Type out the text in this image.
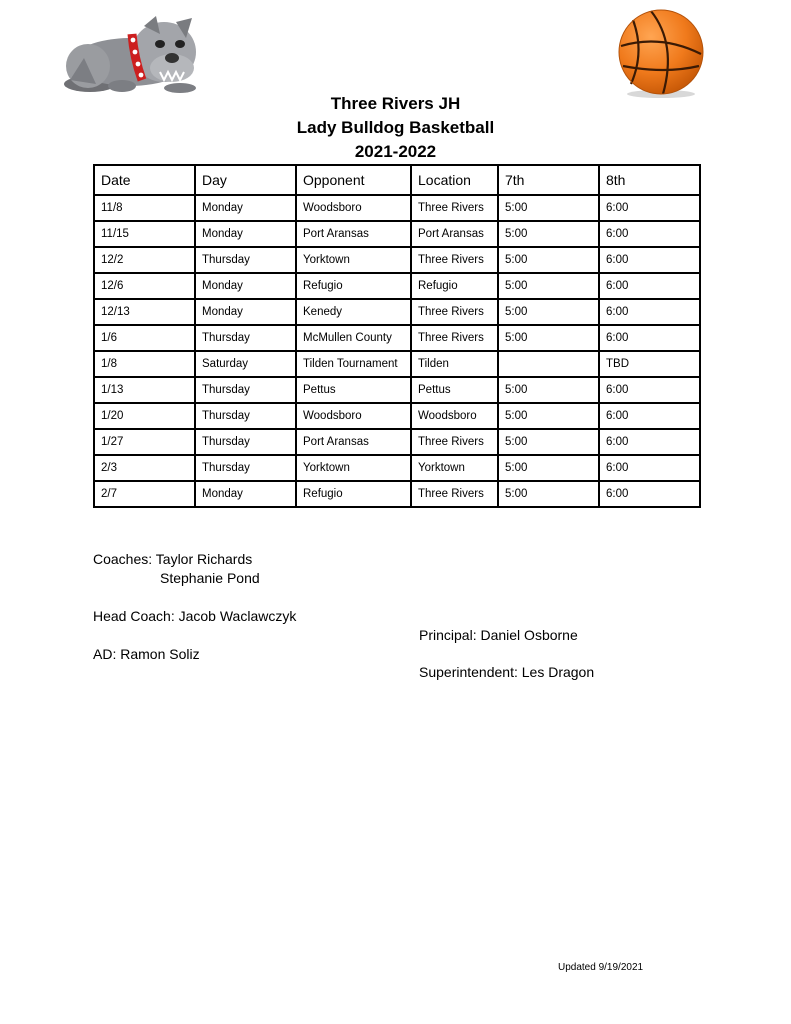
Three Rivers JH
Lady Bulldog Basketball
2021-2022
Date	Day	Opponent	Location	7th	8th
11/8	Monday	Woodsboro	Three Rivers	5:00	6:00
11/15	Monday	Port Aransas	Port Aransas	5:00	6:00
12/2	Thursday	Yorktown	Three Rivers	5:00	6:00
12/6	Monday	Refugio	Refugio	5:00	6:00
12/13	Monday	Kenedy	Three Rivers	5:00	6:00
1/6	Thursday	McMullen County	Three Rivers	5:00	6:00
1/8	Saturday	Tilden Tournament	Tilden		TBD
1/13	Thursday	Pettus	Pettus	5:00	6:00
1/20	Thursday	Woodsboro	Woodsboro	5:00	6:00
1/27	Thursday	Port Aransas	Three Rivers	5:00	6:00
2/3	Thursday	Yorktown	Yorktown	5:00	6:00
2/7	Monday	Refugio	Three Rivers	5:00	6:00
Coaches: Taylor Richards
Stephanie Pond
Head Coach: Jacob Waclawczyk
Principal: Daniel Osborne
AD: Ramon Soliz
Superintendent: Les Dragon
Updated 9/19/2021
